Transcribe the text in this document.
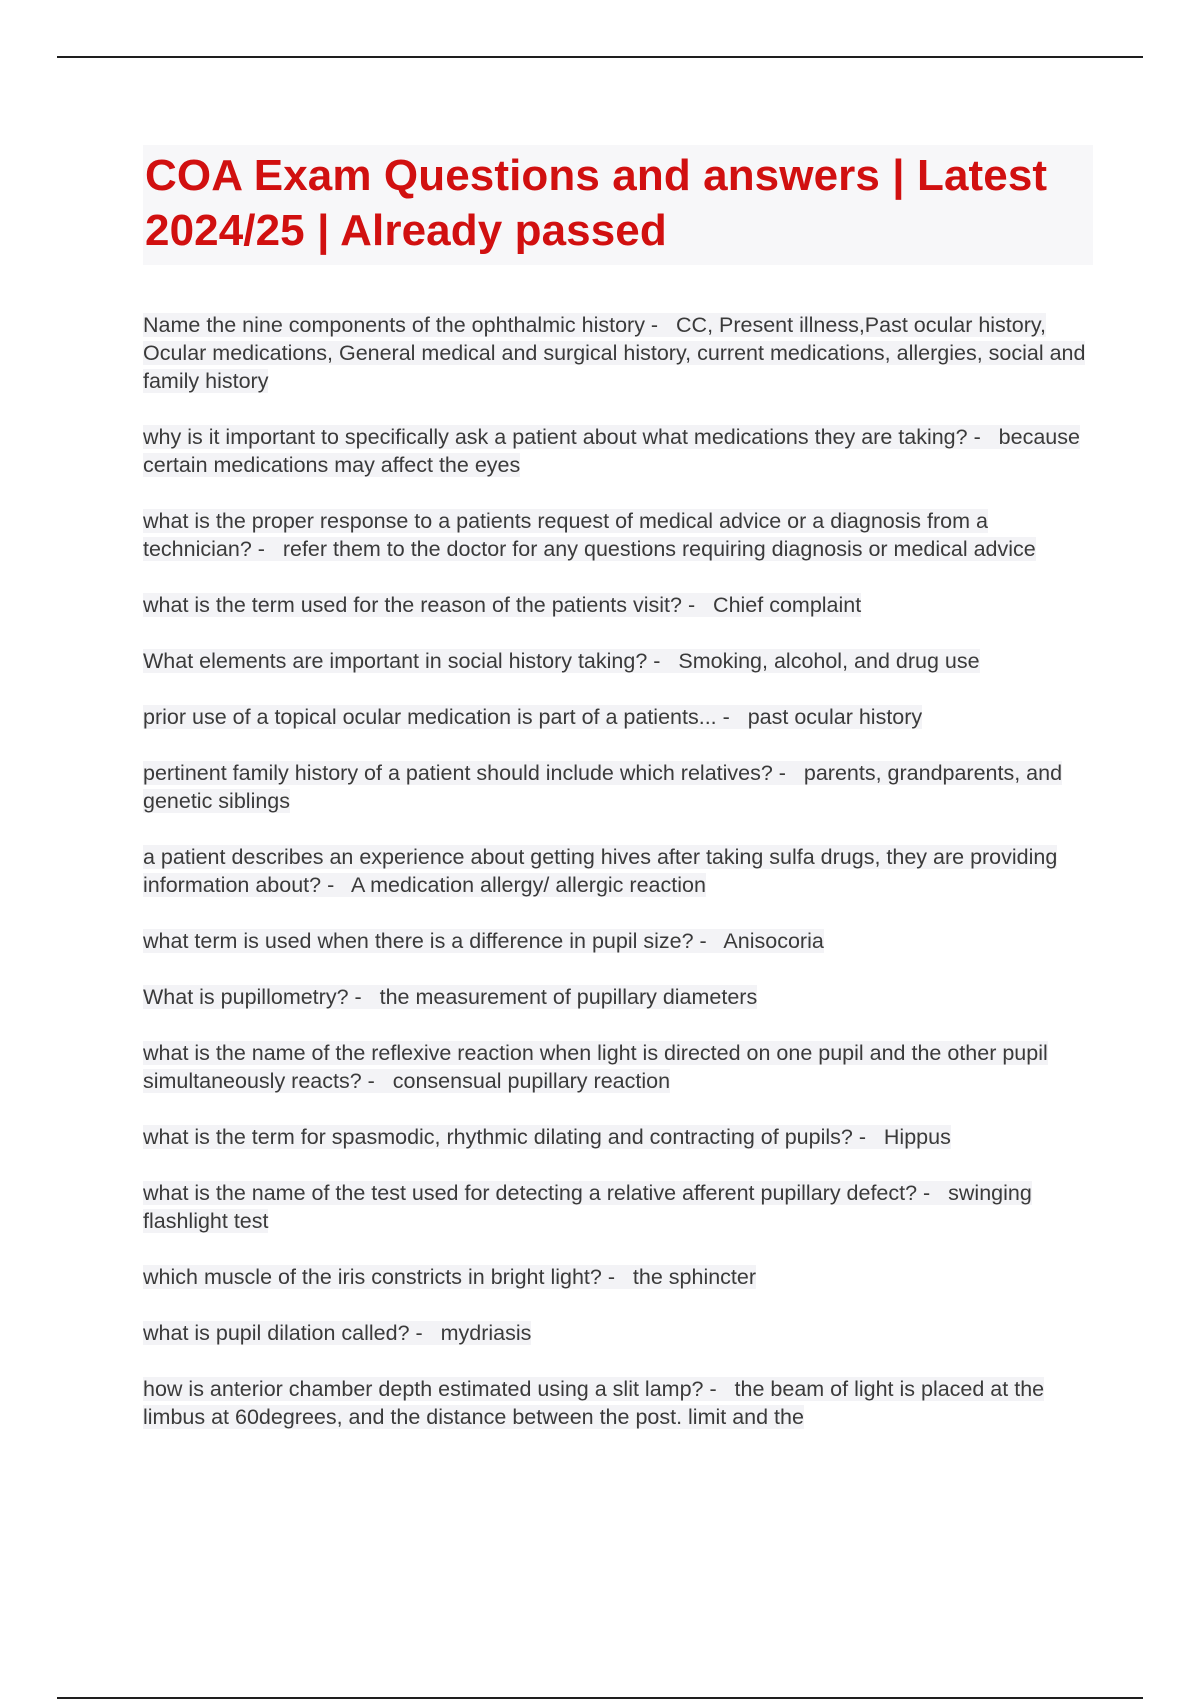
COA Exam Questions and answers | Latest 2024/25 | Already passed
Name the nine components of the ophthalmic history -   CC, Present illness,Past ocular history, Ocular medications, General medical and surgical history, current medications, allergies, social and family history
why is it important to specifically ask a patient about what medications they are taking? -   because certain medications may affect the eyes
what is the proper response to a patients request of medical advice or a diagnosis from a technician? -   refer them to the doctor for any questions requiring diagnosis or medical advice
what is the term used for the reason of the patients visit? -   Chief complaint
What elements are important in social history taking? -   Smoking, alcohol, and drug use
prior use of a topical ocular medication is part of a patients... -   past ocular history
pertinent family history of a patient should include which relatives? -   parents, grandparents, and genetic siblings
a patient describes an experience about getting hives after taking sulfa drugs, they are providing information about? -   A medication allergy/ allergic reaction
what term is used when there is a difference in pupil size? -   Anisocoria
What is pupillometry? -   the measurement of pupillary diameters
what is the name of the reflexive reaction when light is directed on one pupil and the other pupil simultaneously reacts? -   consensual pupillary reaction
what is the term for spasmodic, rhythmic dilating and contracting of pupils? -   Hippus
what is the name of the test used for detecting a relative afferent pupillary defect? -   swinging flashlight test
which muscle of the iris constricts in bright light? -   the sphincter
what is pupil dilation called? -   mydriasis
how is anterior chamber depth estimated using a slit lamp? -   the beam of light is placed at the limbus at 60degrees, and the distance between the post. limit and the
